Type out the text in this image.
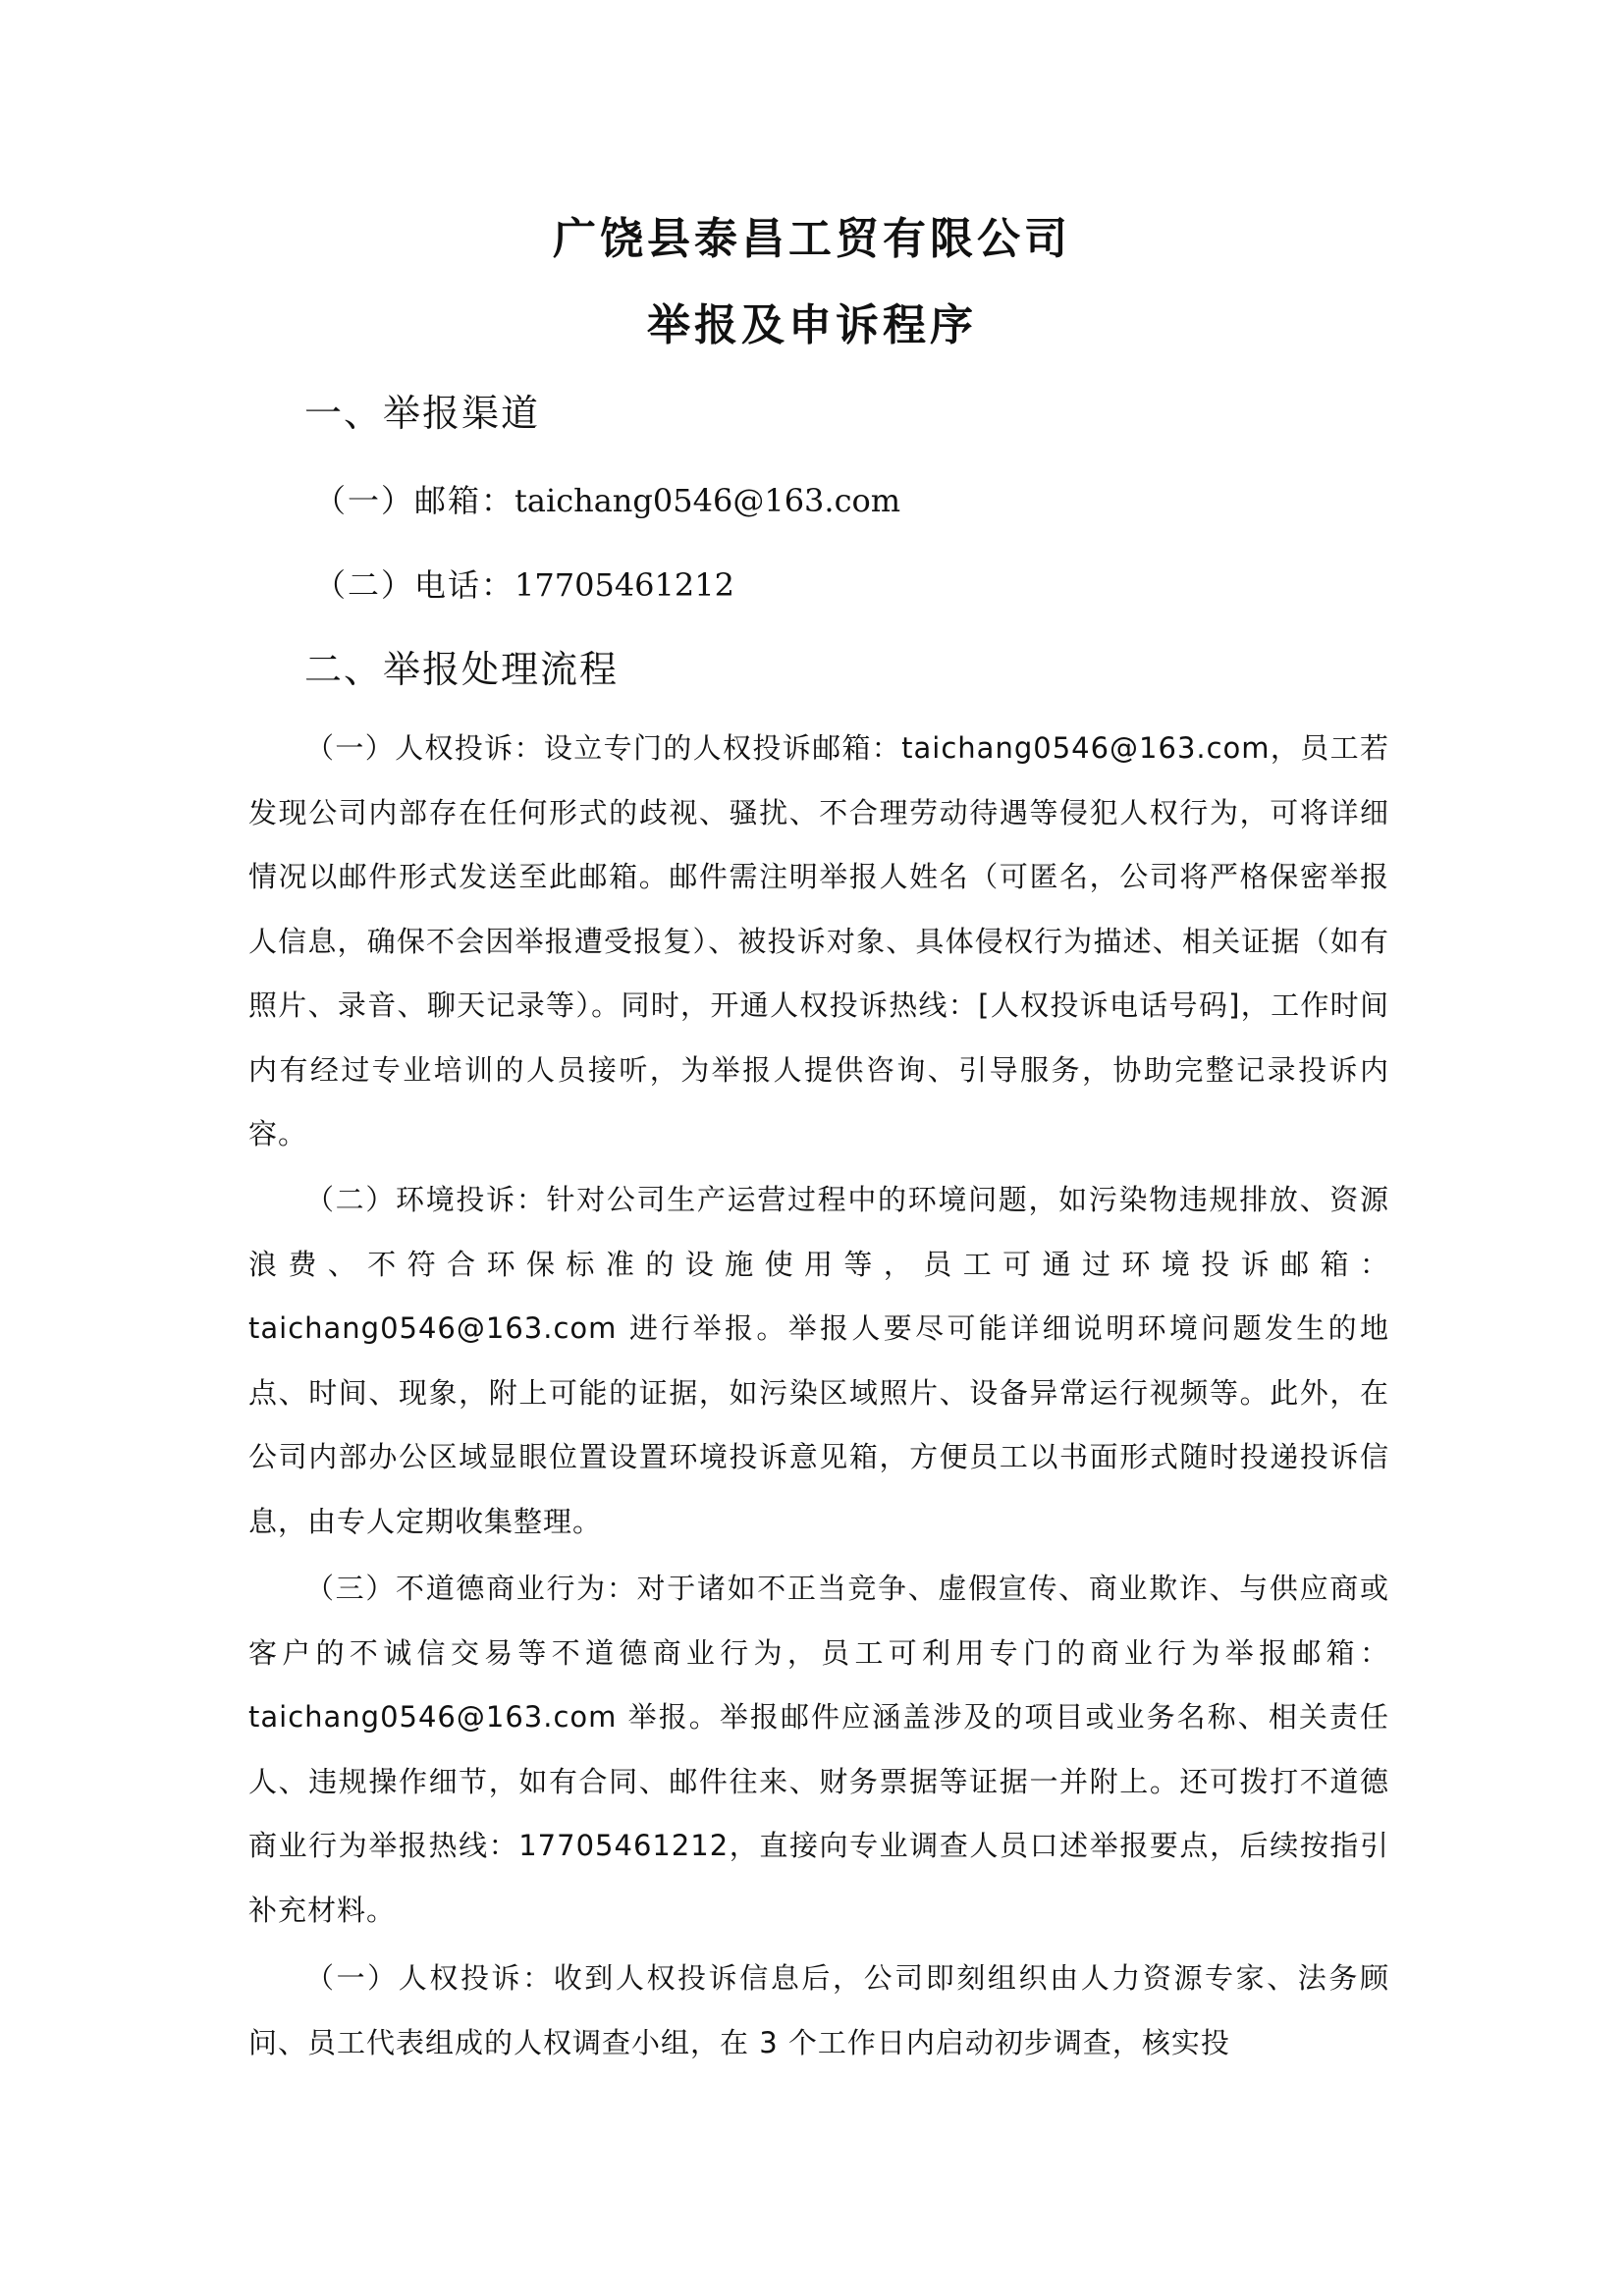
广饶县泰昌工贸有限公司
举报及申诉程序
一、举报渠道
（一）邮箱：taichang0546@163.com
（二）电话：17705461212
二、举报处理流程

（一）人权投诉：设立专门的人权投诉邮箱：taichang0546@163.com，员工若发现公司内部存在任何形式的歧视、骚扰、不合理劳动待遇等侵犯人权行为，可将详细情况以邮件形式发送至此邮箱。邮件需注明举报人姓名（可匿名，公司将严格保密举报人信息，确保不会因举报遭受报复）、被投诉对象、具体侵权行为描述、相关证据（如有照片、录音、聊天记录等）。同时，开通人权投诉热线：[人权投诉电话号码]，工作时间内有经过专业培训的人员接听，为举报人提供咨询、引导服务，协助完整记录投诉内容。

（二）环境投诉：针对公司生产运营过程中的环境问题，如污染物违规排放、资源浪费、不符合环保标准的设施使用等，员工可通过环境投诉邮箱：taichang0546@163.com 进行举报。举报人要尽可能详细说明环境问题发生的地点、时间、现象，附上可能的证据，如污染区域照片、设备异常运行视频等。此外，在公司内部办公区域显眼位置设置环境投诉意见箱，方便员工以书面形式随时投递投诉信息，由专人定期收集整理。

（三）不道德商业行为：对于诸如不正当竞争、虚假宣传、商业欺诈、与供应商或客户的不诚信交易等不道德商业行为，员工可利用专门的商业行为举报邮箱：taichang0546@163.com 举报。举报邮件应涵盖涉及的项目或业务名称、相关责任人、违规操作细节，如有合同、邮件往来、财务票据等证据一并附上。还可拨打不道德商业行为举报热线：17705461212，直接向专业调查人员口述举报要点，后续按指引补充材料。

（一）人权投诉：收到人权投诉信息后，公司即刻组织由人力资源专家、法务顾问、员工代表组成的人权调查小组，在 3 个工作日内启动初步调查，核实投
